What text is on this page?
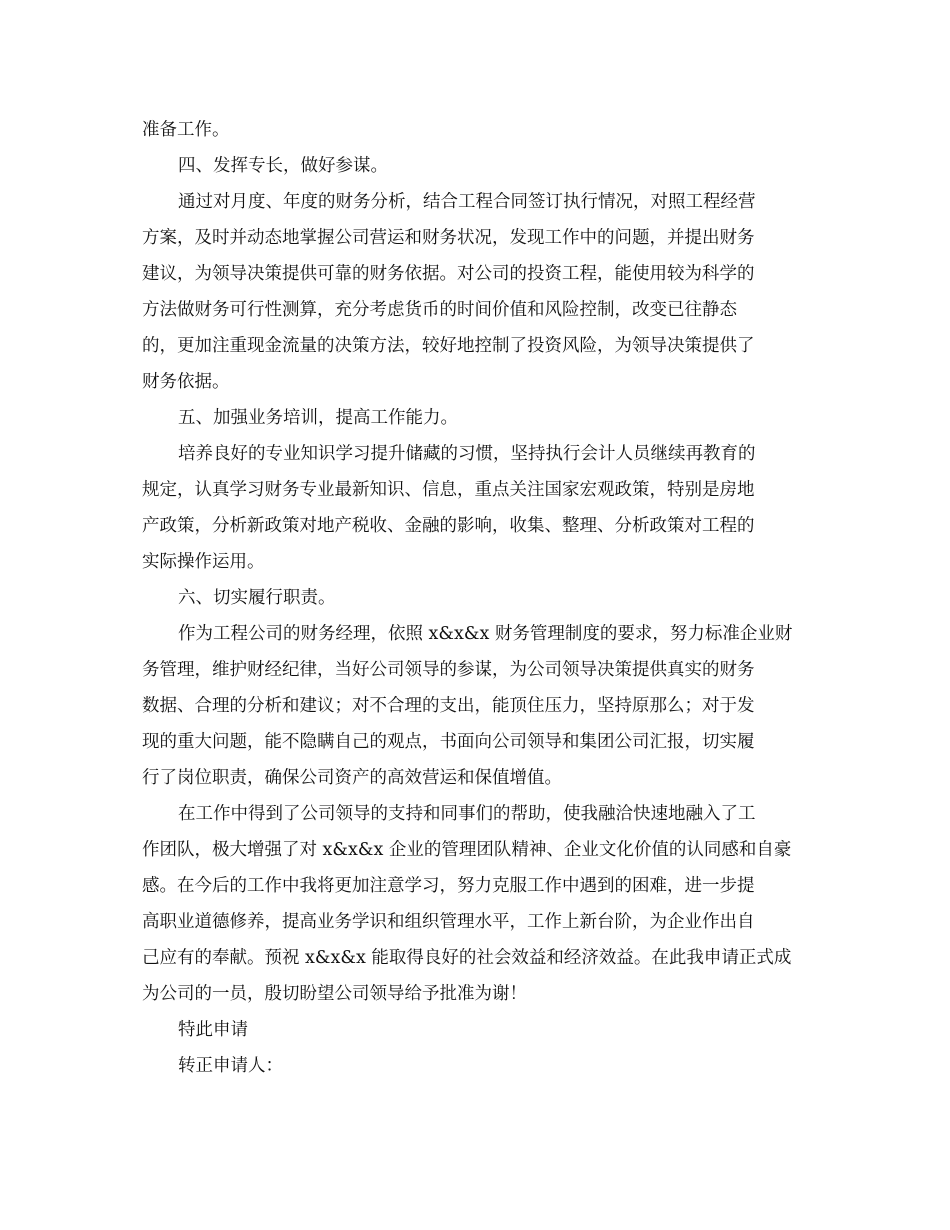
准备工作。
四、发挥专长，做好参谋。
通过对月度、年度的财务分析，结合工程合同签订执行情况，对照工程经营
方案，及时并动态地掌握公司营运和财务状况，发现工作中的问题，并提出财务
建议，为领导决策提供可靠的财务依据。对公司的投资工程，能使用较为科学的
方法做财务可行性测算，充分考虑货币的时间价值和风险控制，改变已往静态
的，更加注重现金流量的决策方法，较好地控制了投资风险，为领导决策提供了
财务依据。
五、加强业务培训，提高工作能力。
培养良好的专业知识学习提升储藏的习惯，坚持执行会计人员继续再教育的
规定，认真学习财务专业最新知识、信息，重点关注国家宏观政策，特别是房地
产政策，分析新政策对地产税收、金融的影响，收集、整理、分析政策对工程的
实际操作运用。
六、切实履行职责。
作为工程公司的财务经理，依照 x&x&x 财务管理制度的要求，努力标准企业财
务管理，维护财经纪律，当好公司领导的参谋，为公司领导决策提供真实的财务
数据、合理的分析和建议；对不合理的支出，能顶住压力，坚持原那么；对于发
现的重大问题，能不隐瞒自己的观点，书面向公司领导和集团公司汇报，切实履
行了岗位职责，确保公司资产的高效营运和保值增值。
在工作中得到了公司领导的支持和同事们的帮助，使我融洽快速地融入了工
作团队，极大增强了对 x&x&x 企业的管理团队精神、企业文化价值的认同感和自豪
感。在今后的工作中我将更加注意学习，努力克服工作中遇到的困难，进一步提
高职业道德修养，提高业务学识和组织管理水平，工作上新台阶，为企业作出自
己应有的奉献。预祝 x&x&x 能取得良好的社会效益和经济效益。在此我申请正式成
为公司的一员，殷切盼望公司领导给予批准为谢！
特此申请
转正申请人：
